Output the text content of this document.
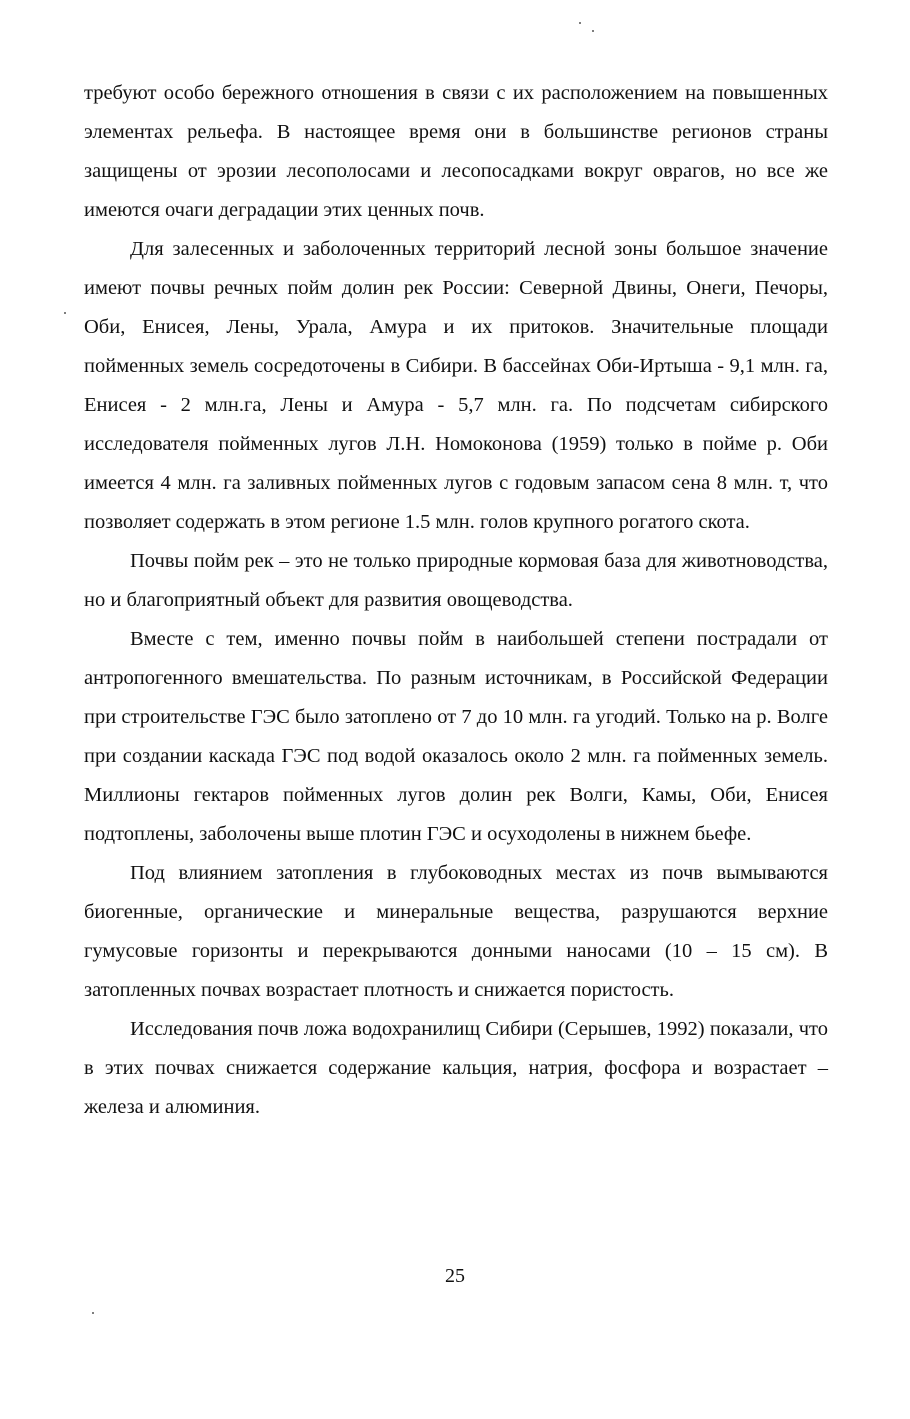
требуют особо бережного отношения в связи с их расположением на повышенных элементах рельефа. В настоящее время они в большинстве регионов страны защищены от эрозии лесополосами и лесопосадками вокруг оврагов, но все же имеются очаги деградации этих ценных почв.

Для залесенных и заболоченных территорий лесной зоны большое значение имеют почвы речных пойм долин рек России: Северной Двины, Онеги, Печоры, Оби, Енисея, Лены, Урала, Амура и их притоков. Значительные площади пойменных земель сосредоточены в Сибири. В бассейнах Оби-Иртыша - 9,1 млн. га, Енисея - 2 млн.га, Лены и Амура - 5,7 млн. га. По подсчетам сибирского исследователя пойменных лугов Л.Н. Номоконова (1959) только в пойме р. Оби имеется 4 млн. га заливных пойменных лугов с годовым запасом сена 8 млн. т, что позволяет содержать в этом регионе 1.5 млн. голов крупного рогатого скота.

Почвы пойм рек – это не только природные кормовая база для животноводства, но и благоприятный объект для развития овощеводства.

Вместе с тем, именно почвы пойм в наибольшей степени пострадали от антропогенного вмешательства. По разным источникам, в Российской Федерации при строительстве ГЭС было затоплено от 7 до 10 млн. га угодий. Только на р. Волге при создании каскада ГЭС под водой оказалось около 2 млн. га пойменных земель. Миллионы гектаров пойменных лугов долин рек Волги, Камы, Оби, Енисея подтоплены, заболочены выше плотин ГЭС и осуходолены в нижнем бьефе.

Под влиянием затопления в глубоководных местах из почв вымываются биогенные, органические и минеральные вещества, разрушаются верхние гумусовые горизонты и перекрываются донными наносами (10 – 15 см). В затопленных почвах возрастает плотность и снижается пористость.

Исследования почв ложа водохранилищ Сибири (Серышев, 1992) показали, что в этих почвах снижается содержание кальция, натрия, фосфора и возрастает – железа и алюминия.

25
